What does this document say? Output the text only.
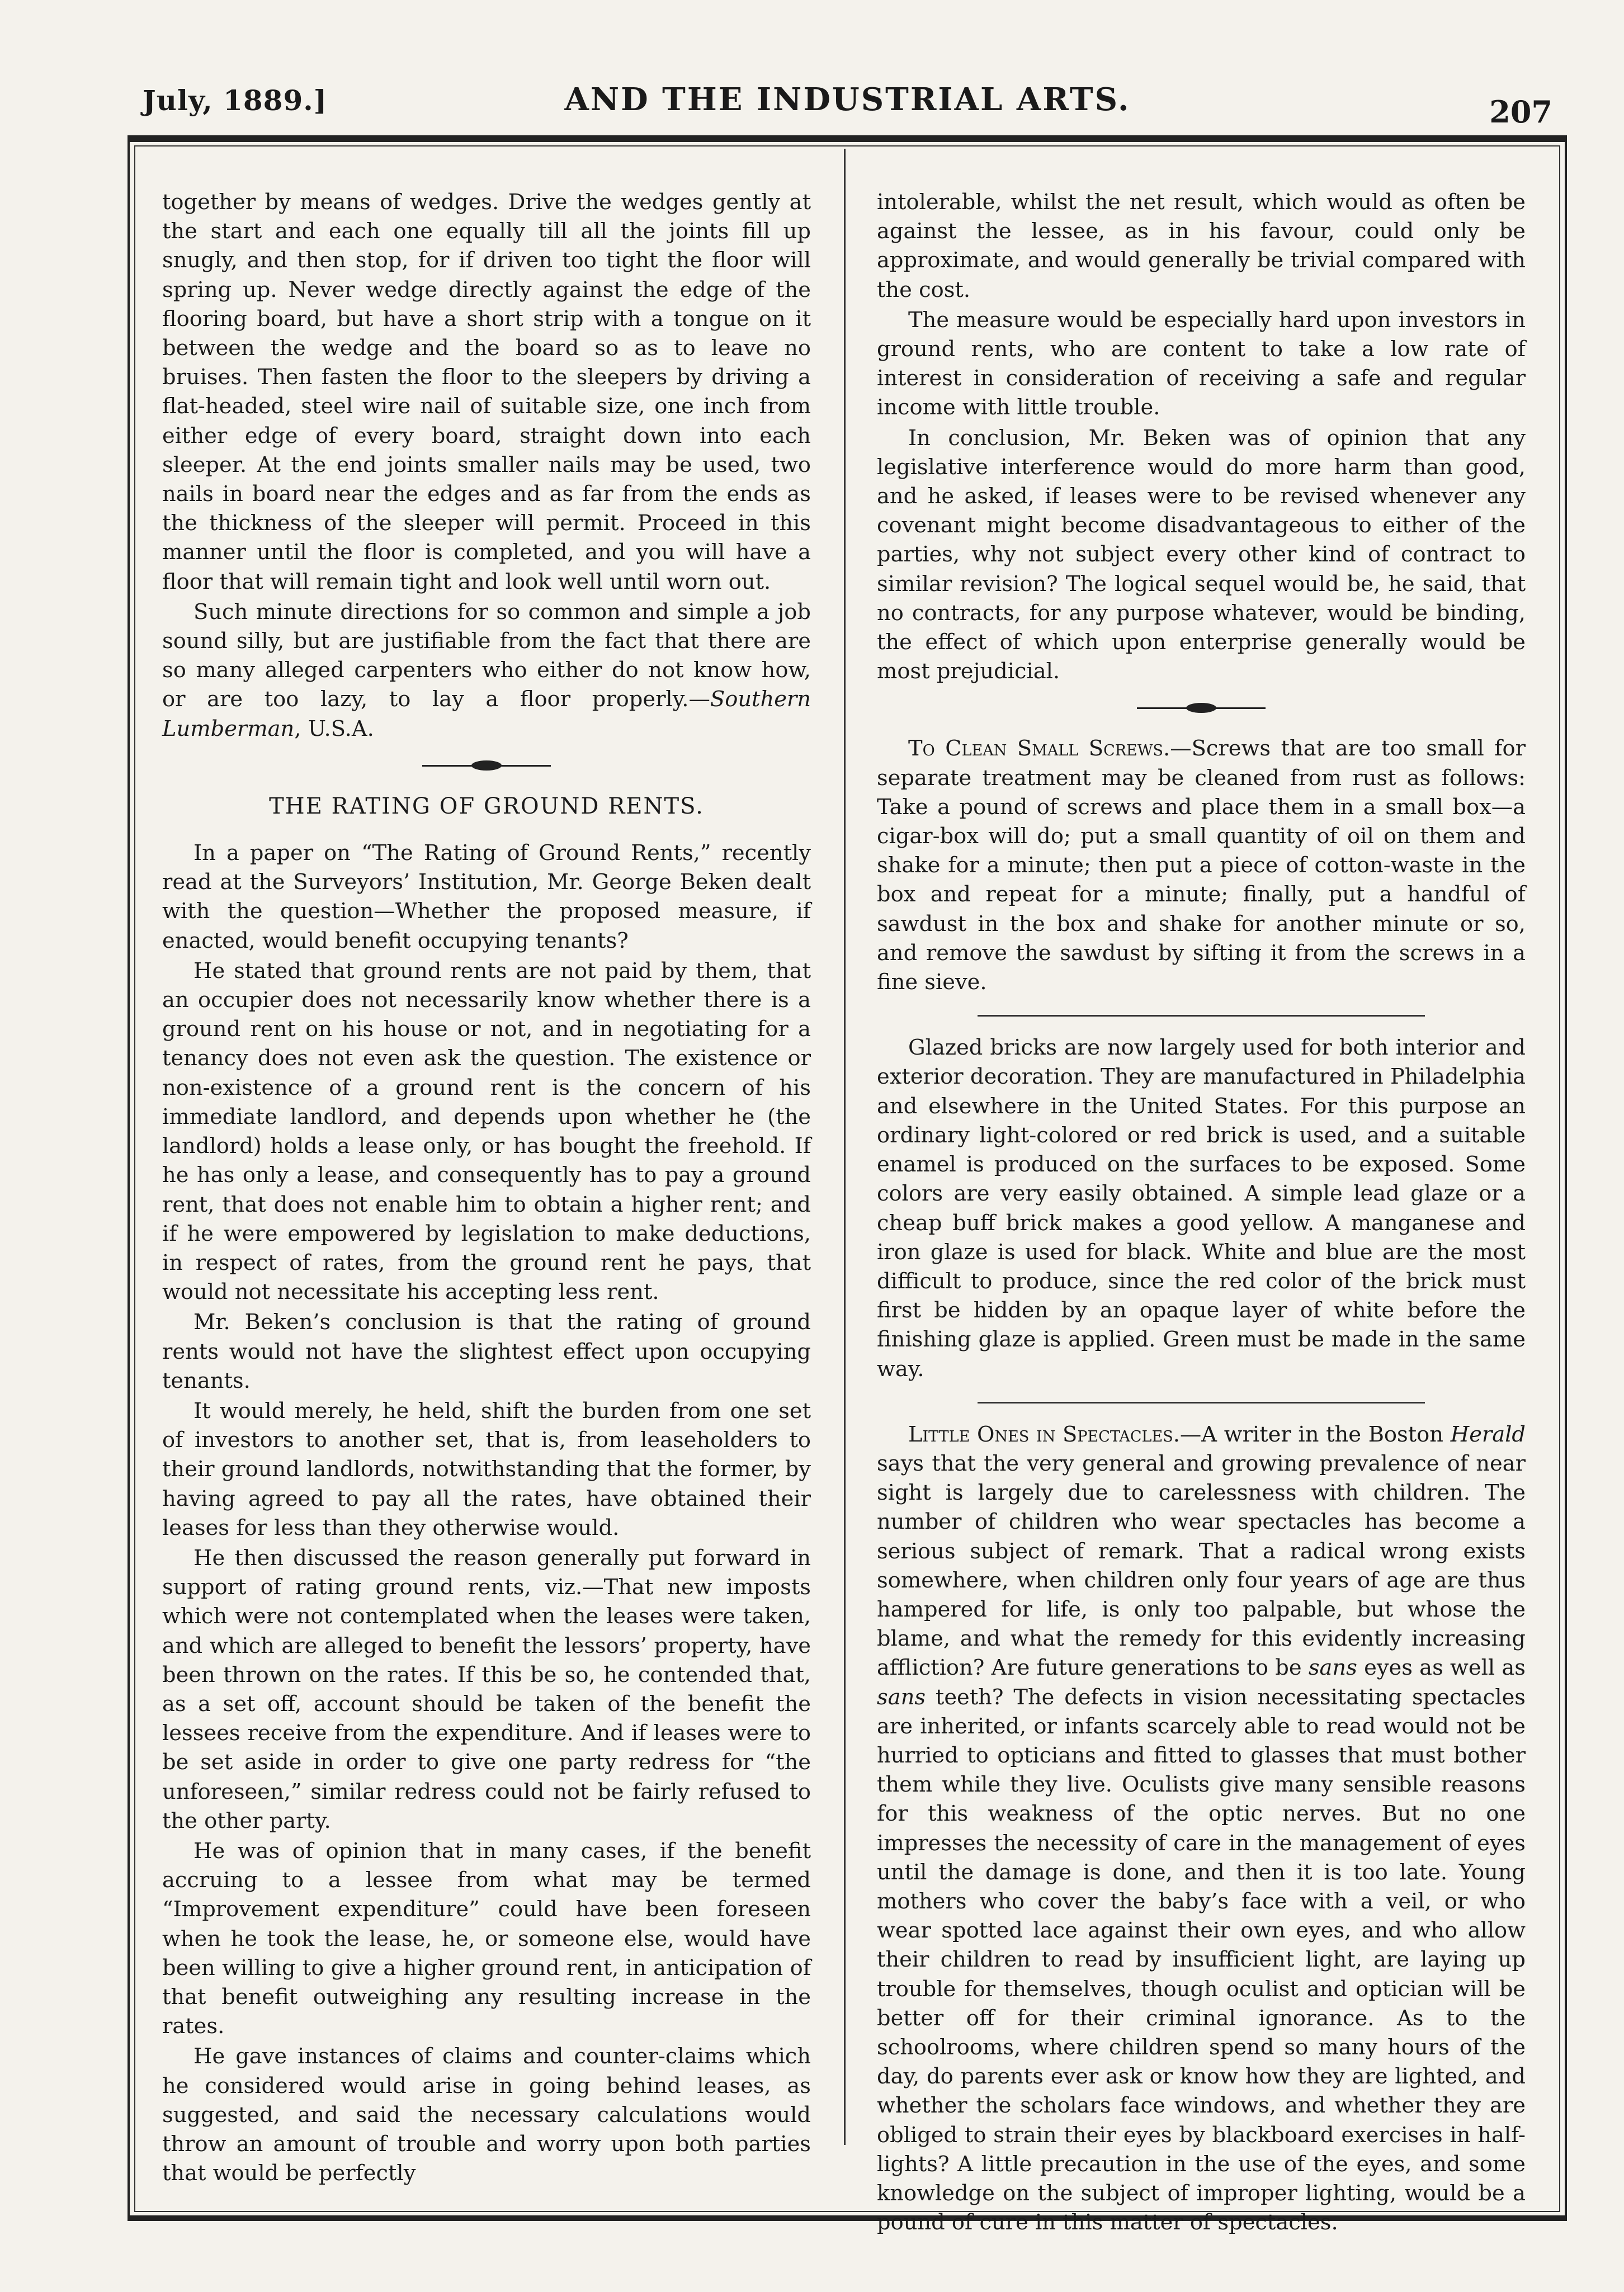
July, 1889.]	AND THE INDUSTRIAL ARTS.	207

together by means of wedges. Drive the wedges gently at the start and each one equally till all the joints fill up snugly, and then stop, for if driven too tight the floor will spring up. Never wedge directly against the edge of the flooring board, but have a short strip with a tongue on it between the wedge and the board so as to leave no bruises. Then fasten the floor to the sleepers by driving a flat-headed, steel wire nail of suitable size, one inch from either edge of every board, straight down into each sleeper. At the end joints smaller nails may be used, two nails in board near the edges and as far from the ends as the thickness of the sleeper will permit. Proceed in this manner until the floor is completed, and you will have a floor that will remain tight and look well until worn out.

Such minute directions for so common and simple a job sound silly, but are justifiable from the fact that there are so many alleged carpenters who either do not know how, or are too lazy, to lay a floor properly.—Southern Lumberman, U.S.A.

THE RATING OF GROUND RENTS.

In a paper on “The Rating of Ground Rents,” recently read at the Surveyors’ Institution, Mr. George Beken dealt with the question—Whether the proposed measure, if enacted, would benefit occupying tenants?

He stated that ground rents are not paid by them, that an occupier does not necessarily know whether there is a ground rent on his house or not, and in negotiating for a tenancy does not even ask the question. The existence or non-existence of a ground rent is the concern of his immediate landlord, and depends upon whether he (the landlord) holds a lease only, or has bought the freehold. If he has only a lease, and consequently has to pay a ground rent, that does not enable him to obtain a higher rent; and if he were empowered by legislation to make deductions, in respect of rates, from the ground rent he pays, that would not necessitate his accepting less rent.

Mr. Beken’s conclusion is that the rating of ground rents would not have the slightest effect upon occupying tenants.

It would merely, he held, shift the burden from one set of investors to another set, that is, from leaseholders to their ground landlords, notwithstanding that the former, by having agreed to pay all the rates, have obtained their leases for less than they otherwise would.

He then discussed the reason generally put forward in support of rating ground rents, viz.—That new imposts which were not contemplated when the leases were taken, and which are alleged to benefit the lessors’ property, have been thrown on the rates. If this be so, he contended that, as a set off, account should be taken of the benefit the lessees receive from the expenditure. And if leases were to be set aside in order to give one party redress for “the unforeseen,” similar redress could not be fairly refused to the other party.

He was of opinion that in many cases, if the benefit accruing to a lessee from what may be termed “Improvement expenditure” could have been foreseen when he took the lease, he, or someone else, would have been willing to give a higher ground rent, in anticipation of that benefit outweighing any resulting increase in the rates.

He gave instances of claims and counter-claims which he considered would arise in going behind leases, as suggested, and said the necessary calculations would throw an amount of trouble and worry upon both parties that would be perfectly

intolerable, whilst the net result, which would as often be against the lessee, as in his favour, could only be approximate, and would generally be trivial compared with the cost.

The measure would be especially hard upon investors in ground rents, who are content to take a low rate of interest in consideration of receiving a safe and regular income with little trouble.

In conclusion, Mr. Beken was of opinion that any legislative interference would do more harm than good, and he asked, if leases were to be revised whenever any covenant might become disadvantageous to either of the parties, why not subject every other kind of contract to similar revision? The logical sequel would be, he said, that no contracts, for any purpose whatever, would be binding, the effect of which upon enterprise generally would be most prejudicial.

To Clean Small Screws.—Screws that are too small for separate treatment may be cleaned from rust as follows: Take a pound of screws and place them in a small box—a cigar-box will do; put a small quantity of oil on them and shake for a minute; then put a piece of cotton-waste in the box and repeat for a minute; finally, put a handful of sawdust in the box and shake for another minute or so, and remove the sawdust by sifting it from the screws in a fine sieve.

Glazed bricks are now largely used for both interior and exterior decoration. They are manufactured in Philadelphia and elsewhere in the United States. For this purpose an ordinary light-colored or red brick is used, and a suitable enamel is produced on the surfaces to be exposed. Some colors are very easily obtained. A simple lead glaze or a cheap buff brick makes a good yellow. A manganese and iron glaze is used for black. White and blue are the most difficult to produce, since the red color of the brick must first be hidden by an opaque layer of white before the finishing glaze is applied. Green must be made in the same way.

Little Ones in Spectacles.—A writer in the Boston Herald says that the very general and growing prevalence of near sight is largely due to carelessness with children. The number of children who wear spectacles has become a serious subject of remark. That a radical wrong exists somewhere, when children only four years of age are thus hampered for life, is only too palpable, but whose the blame, and what the remedy for this evidently increasing affliction? Are future generations to be sans eyes as well as sans teeth? The defects in vision necessitating spectacles are inherited, or infants scarcely able to read would not be hurried to opticians and fitted to glasses that must bother them while they live. Oculists give many sensible reasons for this weakness of the optic nerves. But no one impresses the necessity of care in the management of eyes until the damage is done, and then it is too late. Young mothers who cover the baby’s face with a veil, or who wear spotted lace against their own eyes, and who allow their children to read by insufficient light, are laying up trouble for themselves, though oculist and optician will be better off for their criminal ignorance. As to the schoolrooms, where children spend so many hours of the day, do parents ever ask or know how they are lighted, and whether the scholars face windows, and whether they are obliged to strain their eyes by blackboard exercises in half-lights? A little precaution in the use of the eyes, and some knowledge on the subject of improper lighting, would be a pound of cure in this matter of spectacles.
